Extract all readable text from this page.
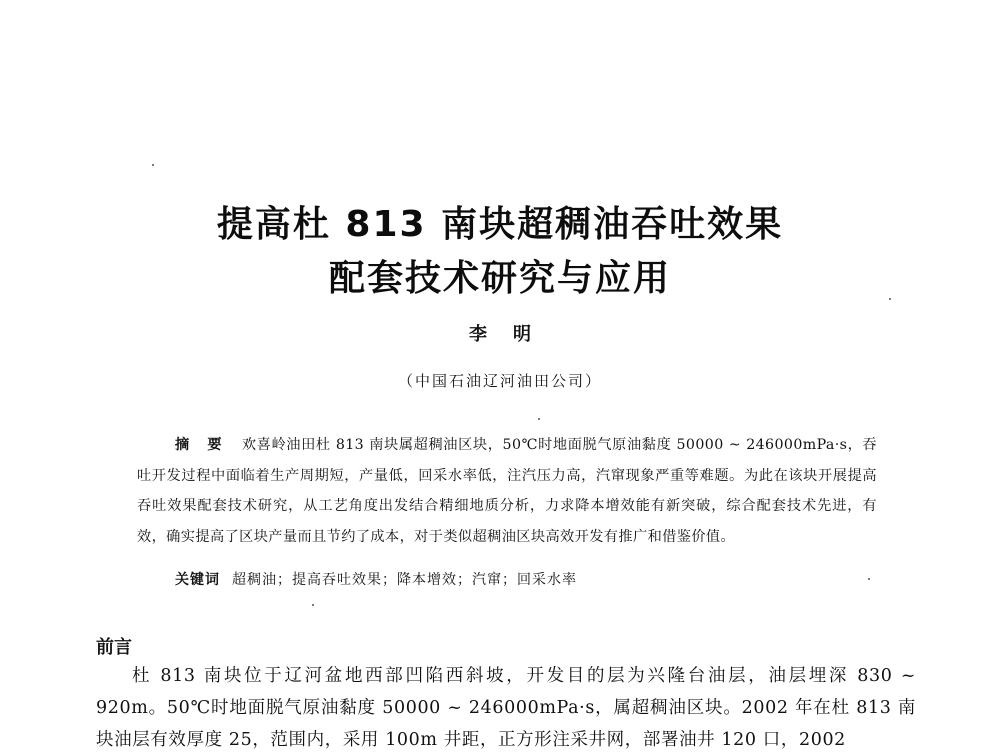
提高杜 813 南块超稠油吞吐效果
配套技术研究与应用
李明
（中国石油辽河油田公司）
摘要 欢喜岭油田杜 813 南块属超稠油区块，50℃时地面脱气原油黏度 50000 ~ 246000mPa·s，吞吐开发过程中面临着生产周期短，产量低，回采水率低，注汽压力高，汽窜现象严重等难题。为此在该块开展提高吞吐效果配套技术研究，从工艺角度出发结合精细地质分析，力求降本增效能有新突破，综合配套技术先进，有效，确实提高了区块产量而且节约了成本，对于类似超稠油区块高效开发有推广和借鉴价值。
关键词 超稠油；提高吞吐效果；降本增效；汽窜；回采水率
前言
杜 813 南块位于辽河盆地西部凹陷西斜坡，开发目的层为兴隆台油层，油层埋深 830 ~ 920m。50℃时地面脱气原油黏度 50000 ~ 246000mPa·s，属超稠油区块。2002 年在杜 813 南块油层有效厚度 25，范围内，采用 100m 井距，正方形注采井网，部署油井 120 口，2002
